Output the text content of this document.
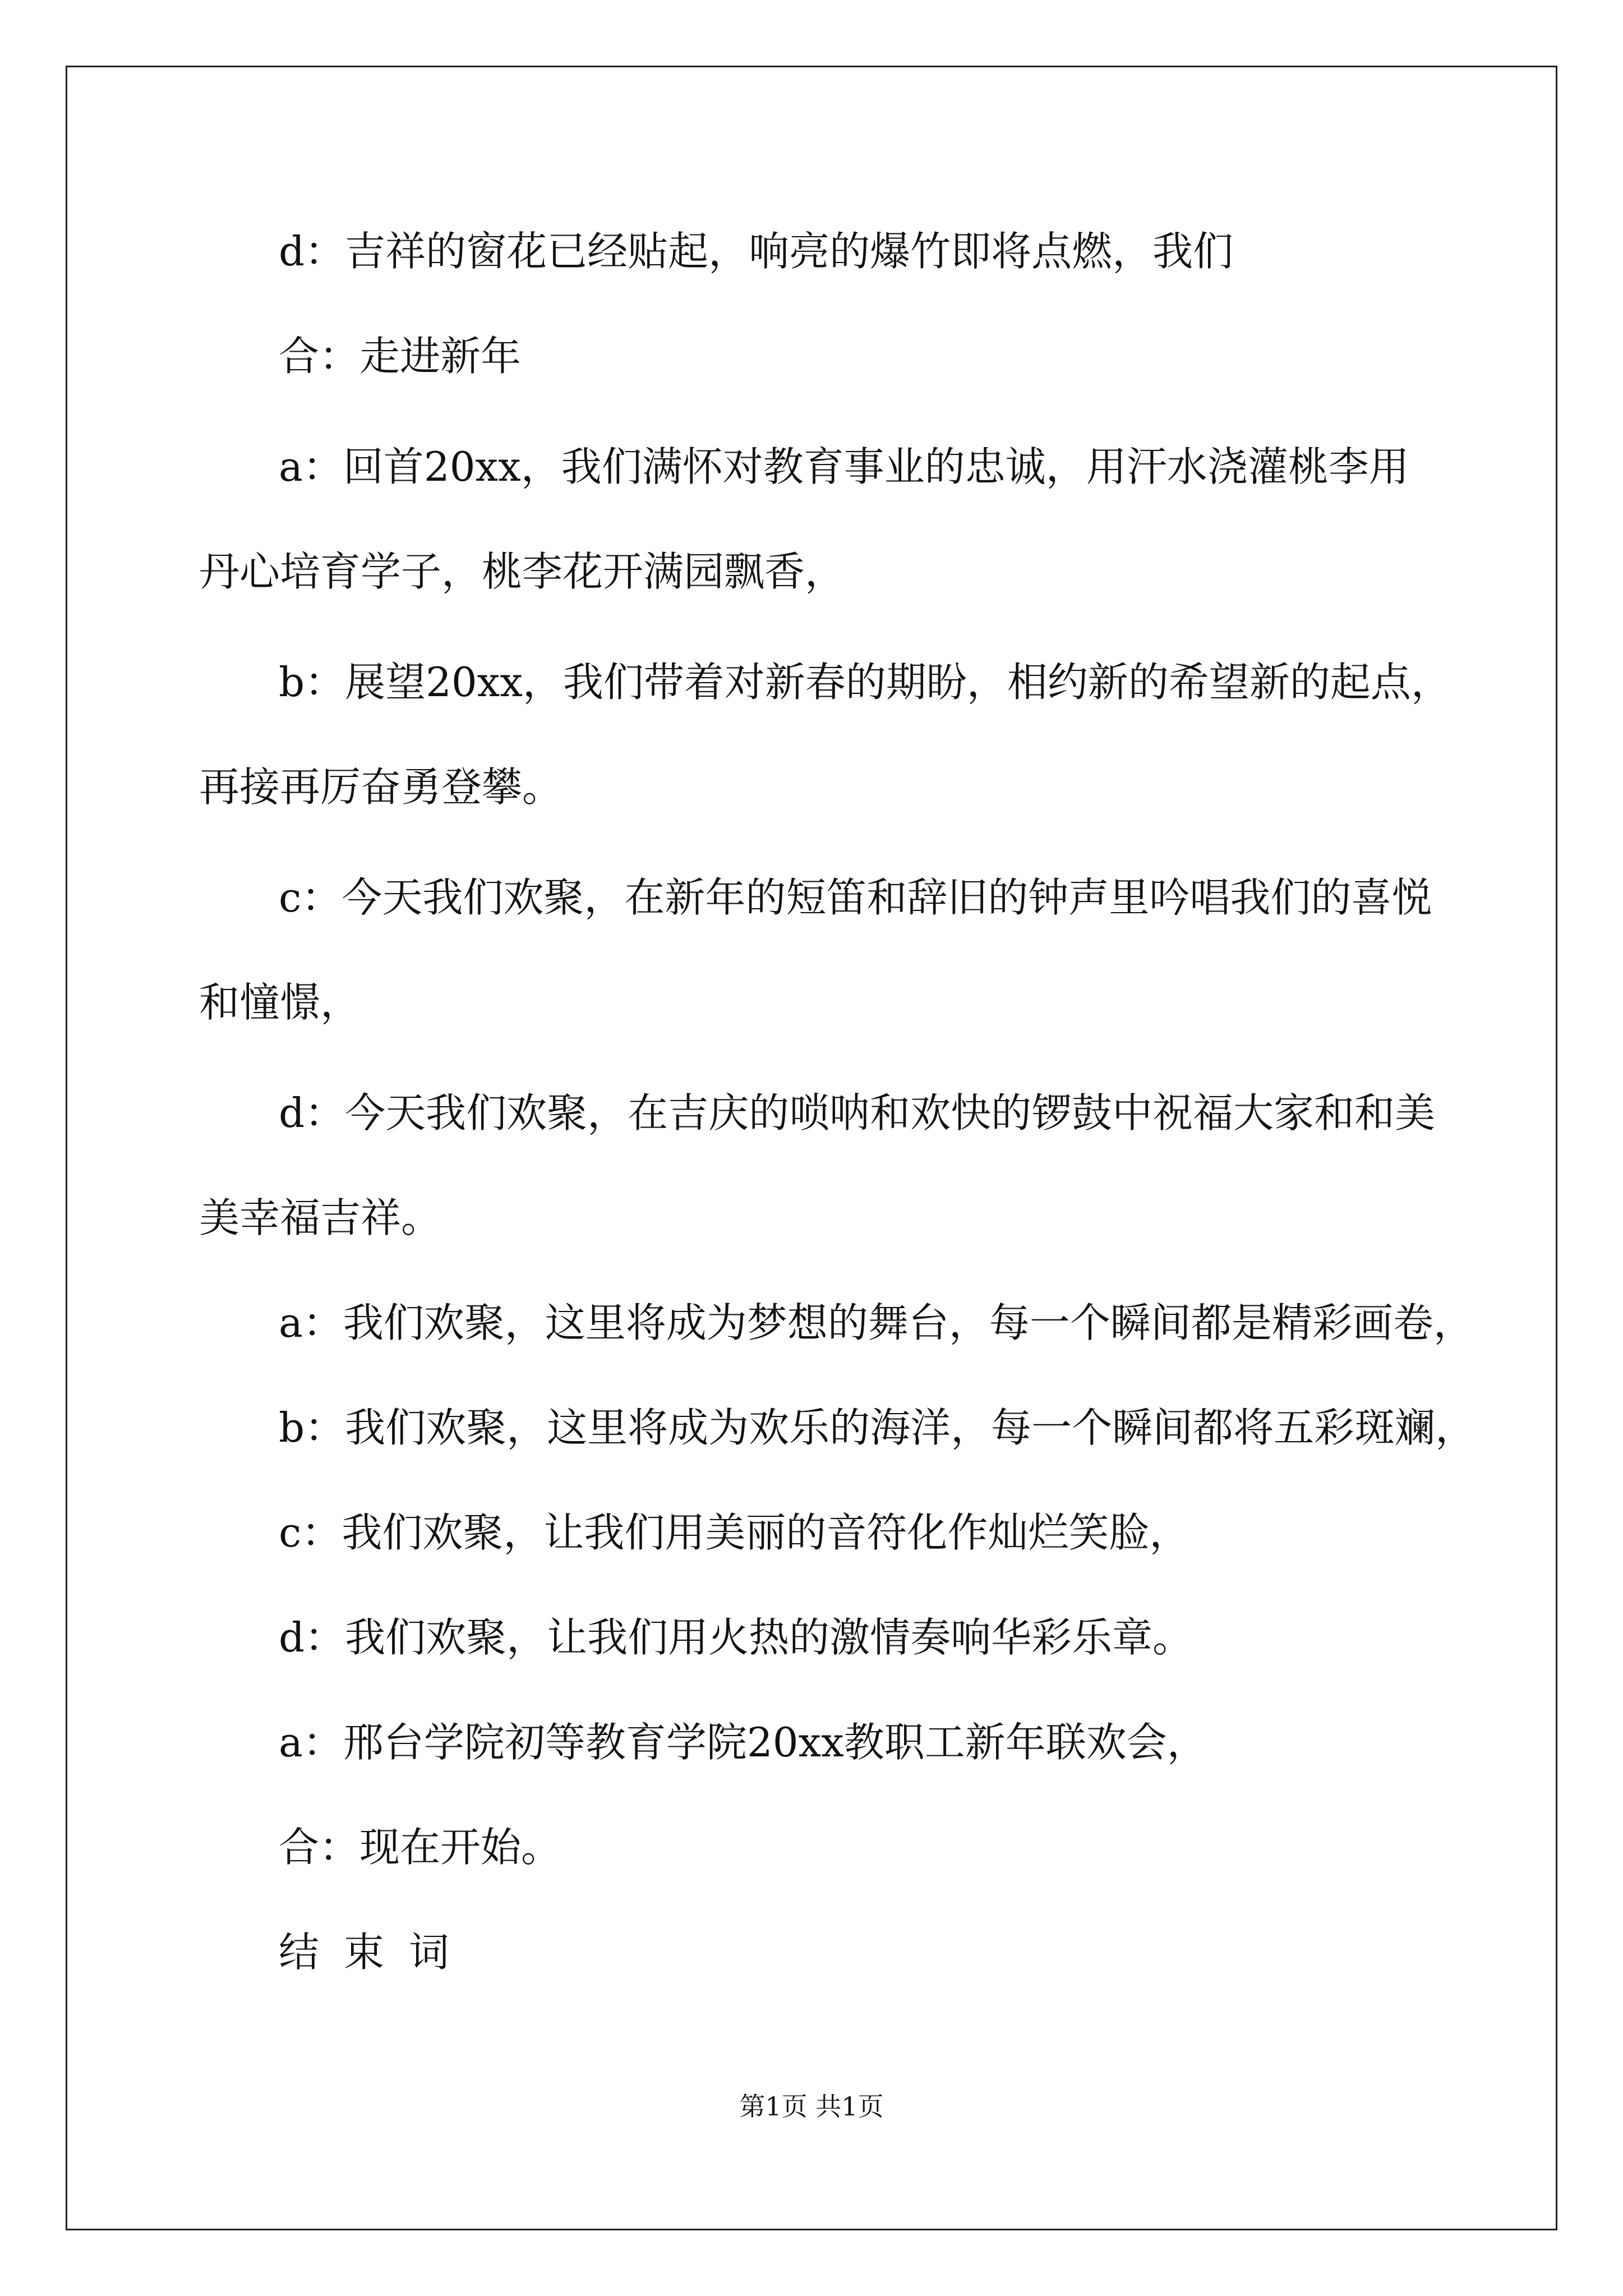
d：吉祥的窗花已经贴起，响亮的爆竹即将点燃，我们

合：走进新年

a：回首20xx，我们满怀对教育事业的忠诚，用汗水浇灌桃李用

丹心培育学子，桃李花开满园飘香，

b：展望20xx，我们带着对新春的期盼，相约新的希望新的起点，

再接再厉奋勇登攀。

c：今天我们欢聚，在新年的短笛和辞旧的钟声里吟唱我们的喜悦

和憧憬，

d：今天我们欢聚，在吉庆的唢呐和欢快的锣鼓中祝福大家和和美

美幸福吉祥。

a：我们欢聚，这里将成为梦想的舞台，每一个瞬间都是精彩画卷，

b：我们欢聚，这里将成为欢乐的海洋，每一个瞬间都将五彩斑斓，

c：我们欢聚，让我们用美丽的音符化作灿烂笑脸，

d：我们欢聚，让我们用火热的激情奏响华彩乐章。

a：邢台学院初等教育学院20xx教职工新年联欢会，

合：现在开始。

结束词

第1页 共1页
